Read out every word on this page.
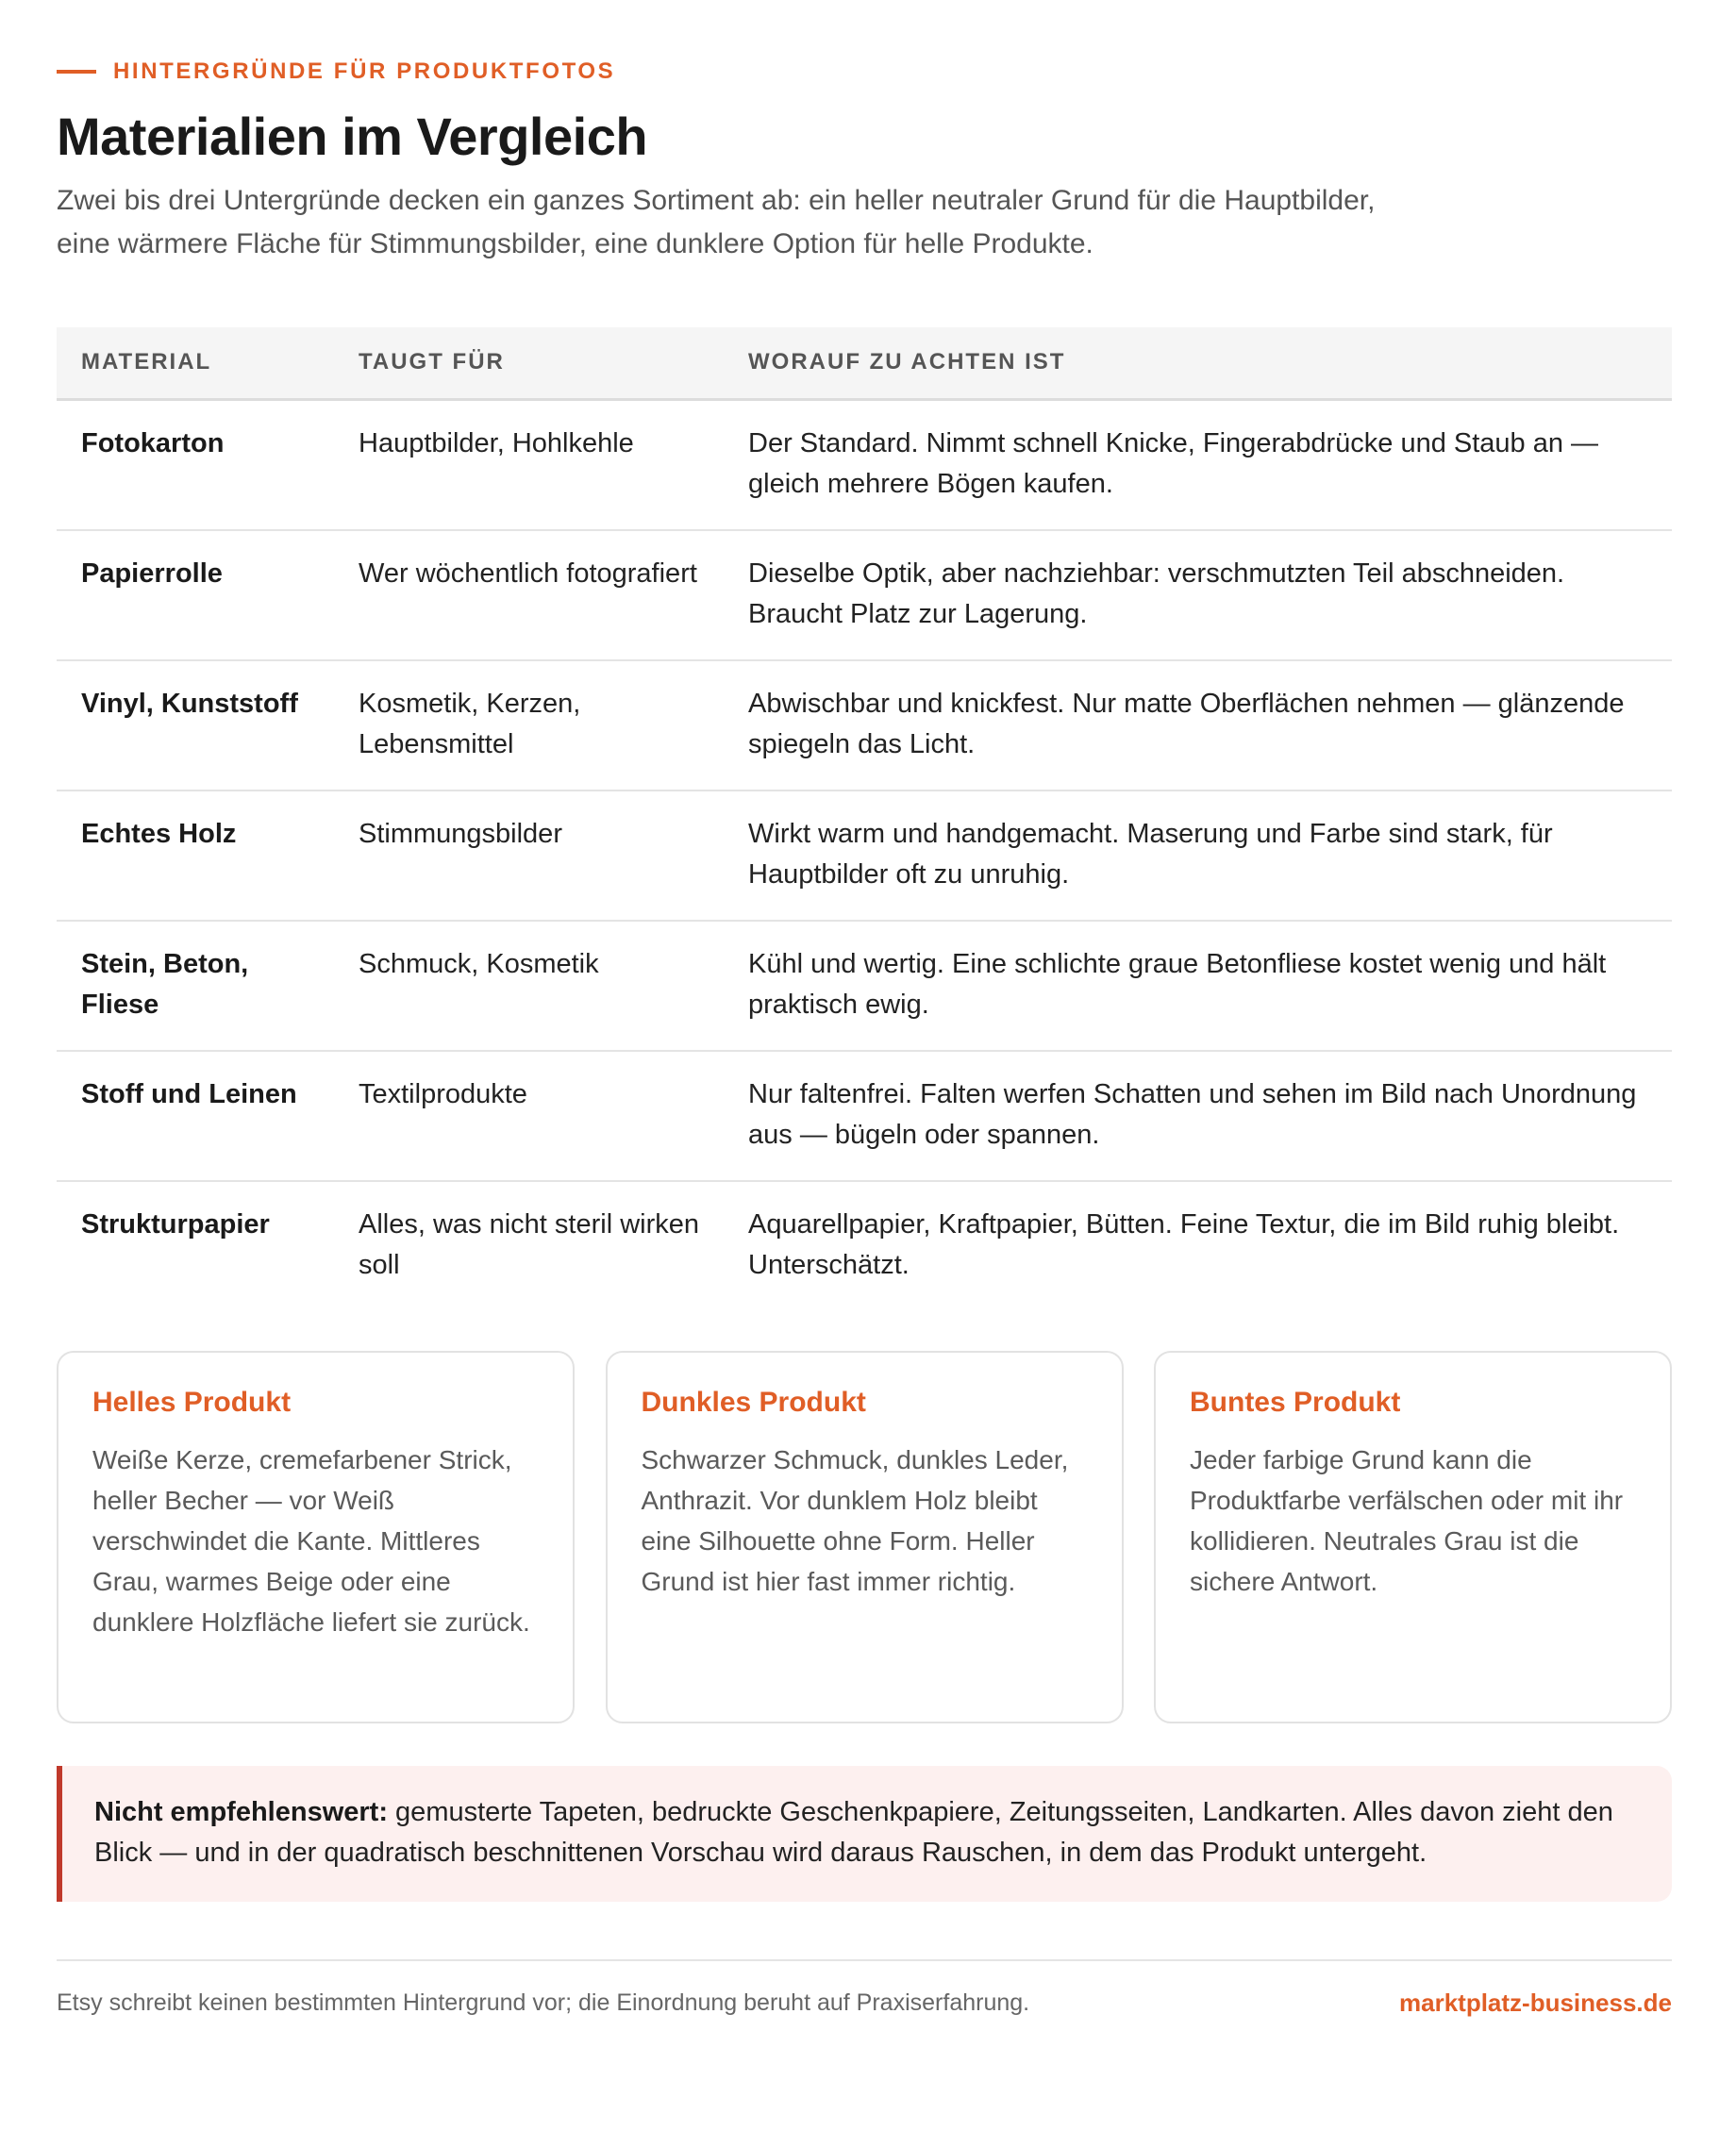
HINTERGRÜNDE FÜR PRODUKTFOTOS
Materialien im Vergleich

Zwei bis drei Untergründe decken ein ganzes Sortiment ab: ein heller neutraler Grund für die Hauptbilder,

eine wärmere Fläche für Stimmungsbilder, eine dunklere Option für helle Produkte.

MATERIAL	TAUGT FÜR	WORAUF ZU ACHTEN IST
Fotokarton	Hauptbilder, Hohlkehle	Der Standard. Nimmt schnell Knicke, Fingerabdrücke und Staub an — gleich mehrere Bögen kaufen.
Papierrolle	Wer wöchentlich fotografiert	Dieselbe Optik, aber nachziehbar: verschmutzten Teil abschneiden. Braucht Platz zur Lagerung.
Vinyl, Kunststoff	Kosmetik, Kerzen, Lebensmittel	Abwischbar und knickfest. Nur matte Oberflächen nehmen — glänzende spiegeln das Licht.
Echtes Holz	Stimmungsbilder	Wirkt warm und handgemacht. Maserung und Farbe sind stark, für Hauptbilder oft zu unruhig.
Stein, Beton, Fliese	Schmuck, Kosmetik	Kühl und wertig. Eine schlichte graue Betonfliese kostet wenig und hält praktisch ewig.
Stoff und Leinen	Textilprodukte	Nur faltenfrei. Falten werfen Schatten und sehen im Bild nach Unordnung aus — bügeln oder spannen.
Strukturpapier	Alles, was nicht steril wirken soll	Aquarellpapier, Kraftpapier, Bütten. Feine Textur, die im Bild ruhig bleibt. Unterschätzt.
Helles Produkt

Weiße Kerze, cremefarbener Strick, heller Becher — vor Weiß verschwindet die Kante. Mittleres Grau, warmes Beige oder eine dunklere Holzfläche liefert sie zurück.

Dunkles Produkt

Schwarzer Schmuck, dunkles Leder, Anthrazit. Vor dunklem Holz bleibt eine Silhouette ohne Form. Heller Grund ist hier fast immer richtig.

Buntes Produkt

Jeder farbige Grund kann die Produktfarbe verfälschen oder mit ihr kollidieren. Neutrales Grau ist die sichere Antwort.

Nicht empfehlenswert: gemusterte Tapeten, bedruckte Geschenkpapiere, Zeitungsseiten, Landkarten. Alles davon zieht den Blick — und in der quadratisch beschnittenen Vorschau wird daraus Rauschen, in dem das Produkt untergeht.
Etsy schreibt keinen bestimmten Hintergrund vor; die Einordnung beruht auf Praxiserfahrung.	marktplatz-business.de
